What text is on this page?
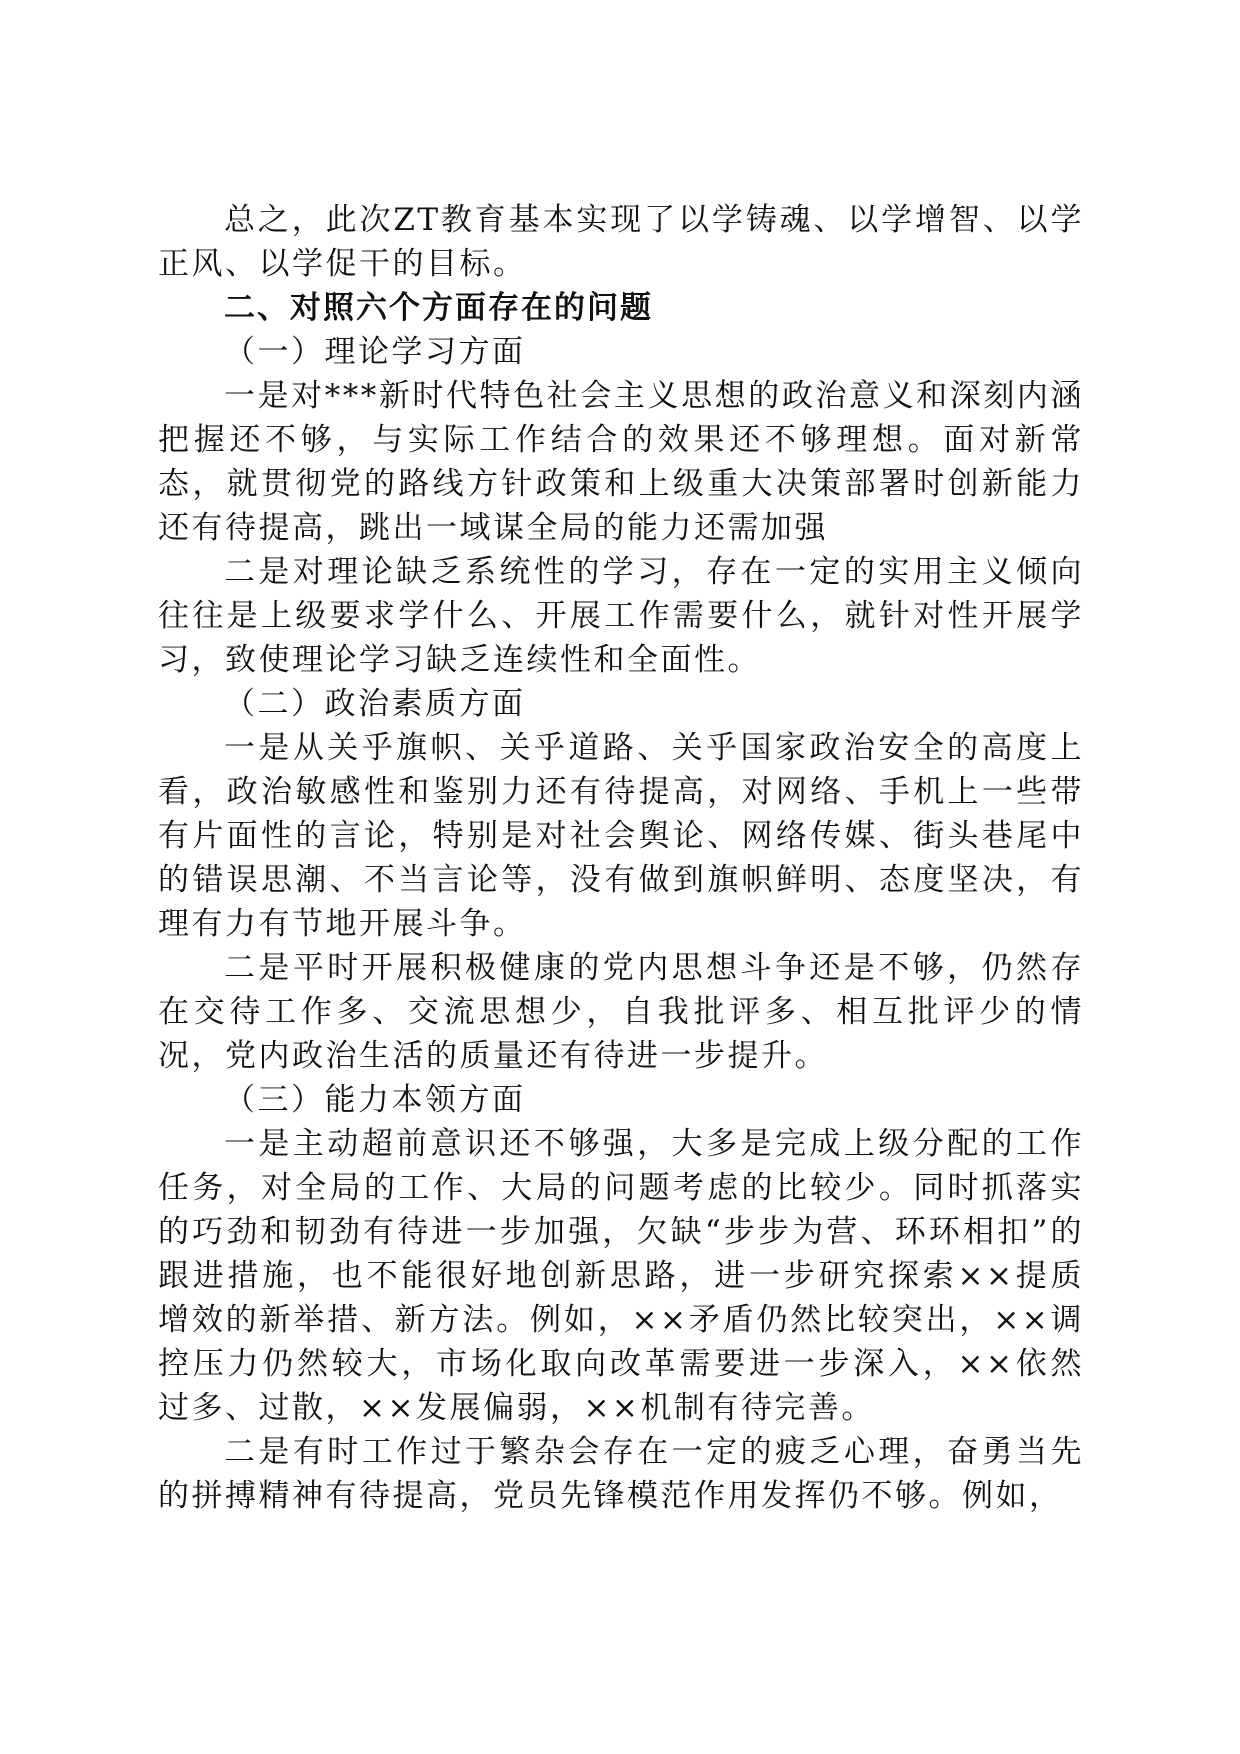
总之，此次ZT教育基本实现了以学铸魂、以学增智、以学正风、以学促干的目标。

二、对照六个方面存在的问题

（一）理论学习方面

一是对***新时代特色社会主义思想的政治意义和深刻内涵把握还不够，与实际工作结合的效果还不够理想。面对新常态，就贯彻党的路线方针政策和上级重大决策部署时创新能力还有待提高，跳出一域谋全局的能力还需加强

二是对理论缺乏系统性的学习，存在一定的实用主义倾向往往是上级要求学什么、开展工作需要什么，就针对性开展学习，致使理论学习缺乏连续性和全面性。

（二）政治素质方面

一是从关乎旗帜、关乎道路、关乎国家政治安全的高度上看，政治敏感性和鉴别力还有待提高，对网络、手机上一些带有片面性的言论，特别是对社会舆论、网络传媒、街头巷尾中的错误思潮、不当言论等，没有做到旗帜鲜明、态度坚决，有理有力有节地开展斗争。

二是平时开展积极健康的党内思想斗争还是不够，仍然存在交待工作多、交流思想少，自我批评多、相互批评少的情况，党内政治生活的质量还有待进一步提升。

（三）能力本领方面

一是主动超前意识还不够强，大多是完成上级分配的工作任务，对全局的工作、大局的问题考虑的比较少。同时抓落实的巧劲和韧劲有待进一步加强，欠缺“步步为营、环环相扣”的跟进措施，也不能很好地创新思路，进一步研究探索××提质增效的新举措、新方法。例如，××矛盾仍然比较突出，××调控压力仍然较大，市场化取向改革需要进一步深入，××依然过多、过散，××发展偏弱，××机制有待完善。

二是有时工作过于繁杂会存在一定的疲乏心理，奋勇当先的拼搏精神有待提高，党员先锋模范作用发挥仍不够。例如，
